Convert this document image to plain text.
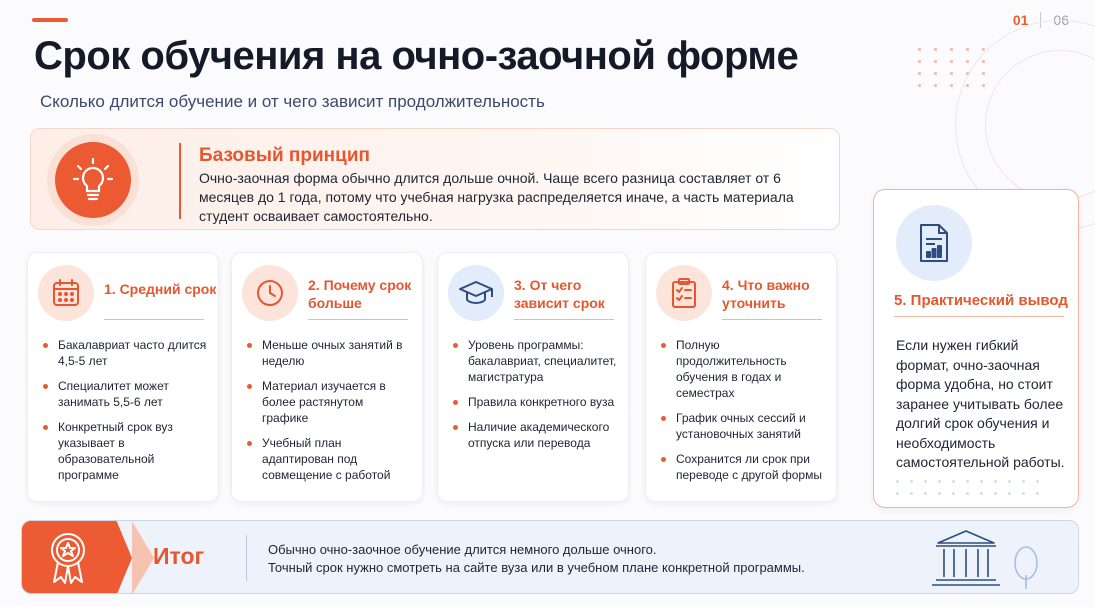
01 06
Срок обучения на очно-заочной форме
Сколько длится обучение и от чего зависит продолжительность
Базовый принцип
Очно-заочная форма обычно длится дольше очной. Чаще всего разница составляет от 6 месяцев до 1 года, потому что учебная нагрузка распределяется иначе, а часть материала студент осваивает самостоятельно.
1. Средний срок
Бакалавриат часто длится 4,5-5 лет
Специалитет может занимать 5,5-6 лет
Конкретный срок вуз указывает в образовательной программе
2. Почему срок
больше
Меньше очных занятий в неделю
Материал изучается в более растянутом графике
Учебный план адаптирован под совмещение с работой
3. От чего
зависит срок
Уровень программы: бакалавриат, специалитет, магистратура
Правила конкретного вуза
Наличие академического отпуска или перевода
4. Что важно
уточнить
Полную продолжительность обучения в годах и семестрах
График очных сессий и установочных занятий
Сохранится ли срок при переводе с другой формы
5. Практический вывод
Если нужен гибкий формат, очно-заочная форма удобна, но стоит заранее учитывать более долгий срок обучения и необходимость самостоятельной работы.
Итог	Обычно очно-заочное обучение длится немного дольше очного.
Точный срок нужно смотреть на сайте вуза или в учебном плане конкретной программы.
